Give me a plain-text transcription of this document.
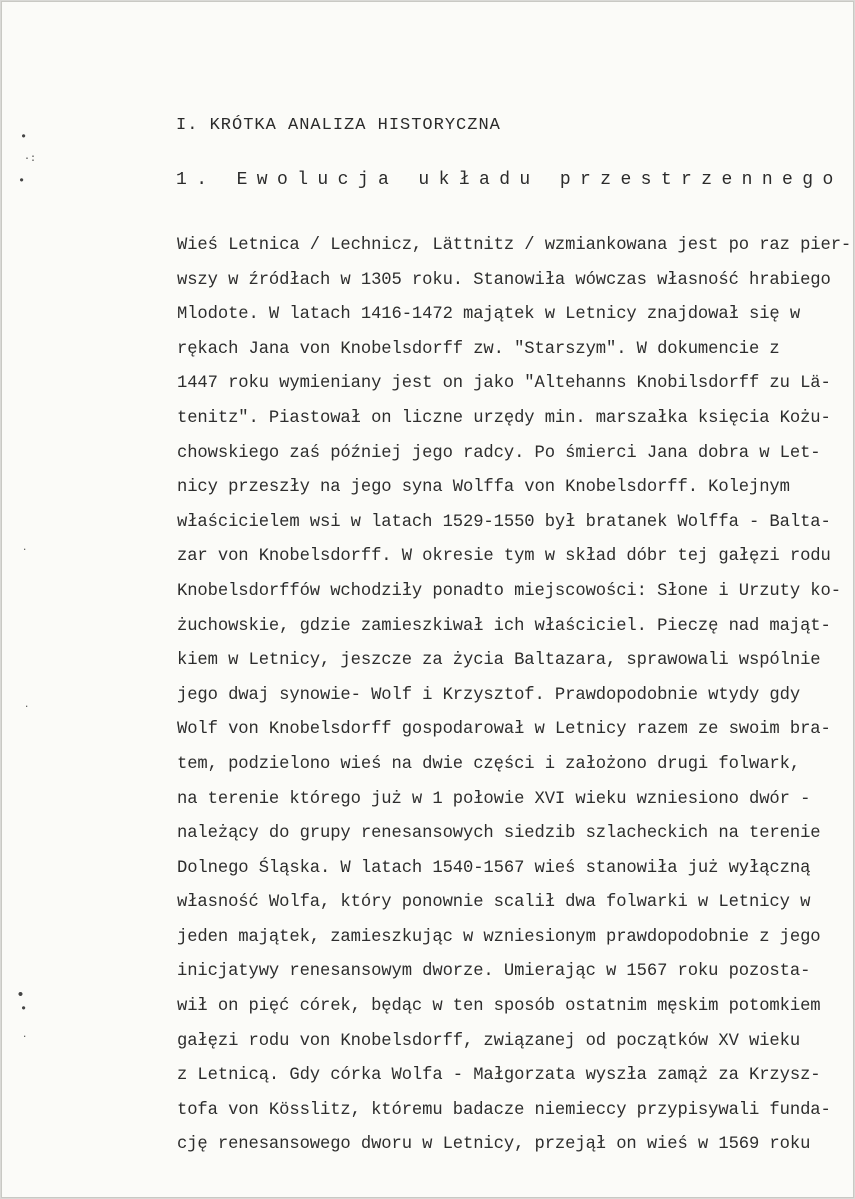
•
·:
•
·
·
•
•
·
I. KRÓTKA ANALIZA HISTORYCZNA
1. Ewolucja układu przestrzennego
Wieś Letnica / Lechnicz, Lättnitz / wzmiankowana jest po raz pier-
wszy w źródłach w 1305 roku. Stanowiła wówczas własność hrabiego
Mlodote. W latach 1416-1472 majątek w Letnicy znajdował się w
rękach Jana von Knobelsdorff zw. "Starszym". W dokumencie z
1447 roku wymieniany jest on jako "Altehanns Knobilsdorff zu Lä-
tenitz". Piastował on liczne urzędy min. marszałka księcia Kożu-
chowskiego zaś później jego radcy. Po śmierci Jana dobra w Let-
nicy przeszły na jego syna Wolffa von Knobelsdorff. Kolejnym
właścicielem wsi w latach 1529-1550 był bratanek Wolffa - Balta-
zar von Knobelsdorff. W okresie tym w skład dóbr tej gałęzi rodu
Knobelsdorffów wchodziły ponadto miejscowości: Słone i Urzuty ko-
żuchowskie, gdzie zamieszkiwał ich właściciel. Pieczę nad mająt-
kiem w Letnicy, jeszcze za życia Baltazara, sprawowali wspólnie
jego dwaj synowie- Wolf i Krzysztof. Prawdopodobnie wtydy gdy
Wolf von Knobelsdorff gospodarował w Letnicy razem ze swoim bra-
tem, podzielono wieś na dwie części i założono drugi folwark,
na terenie którego już w 1 połowie XVI wieku wzniesiono dwór -
należący do grupy renesansowych siedzib szlacheckich na terenie
Dolnego Śląska. W latach 1540-1567 wieś stanowiła już wyłączną
własność Wolfa, który ponownie scalił dwa folwarki w Letnicy w
jeden majątek, zamieszkując w wzniesionym prawdopodobnie z jego
inicjatywy renesansowym dworze. Umierając w 1567 roku pozosta-
wił on pięć córek, będąc w ten sposób ostatnim męskim potomkiem
gałęzi rodu von Knobelsdorff, związanej od początków XV wieku
z Letnicą. Gdy córka Wolfa - Małgorzata wyszła zamąż za Krzysz-
tofa von Kösslitz, któremu badacze niemieccy przypisywali funda-
cję renesansowego dworu w Letnicy, przejął on wieś w 1569 roku
